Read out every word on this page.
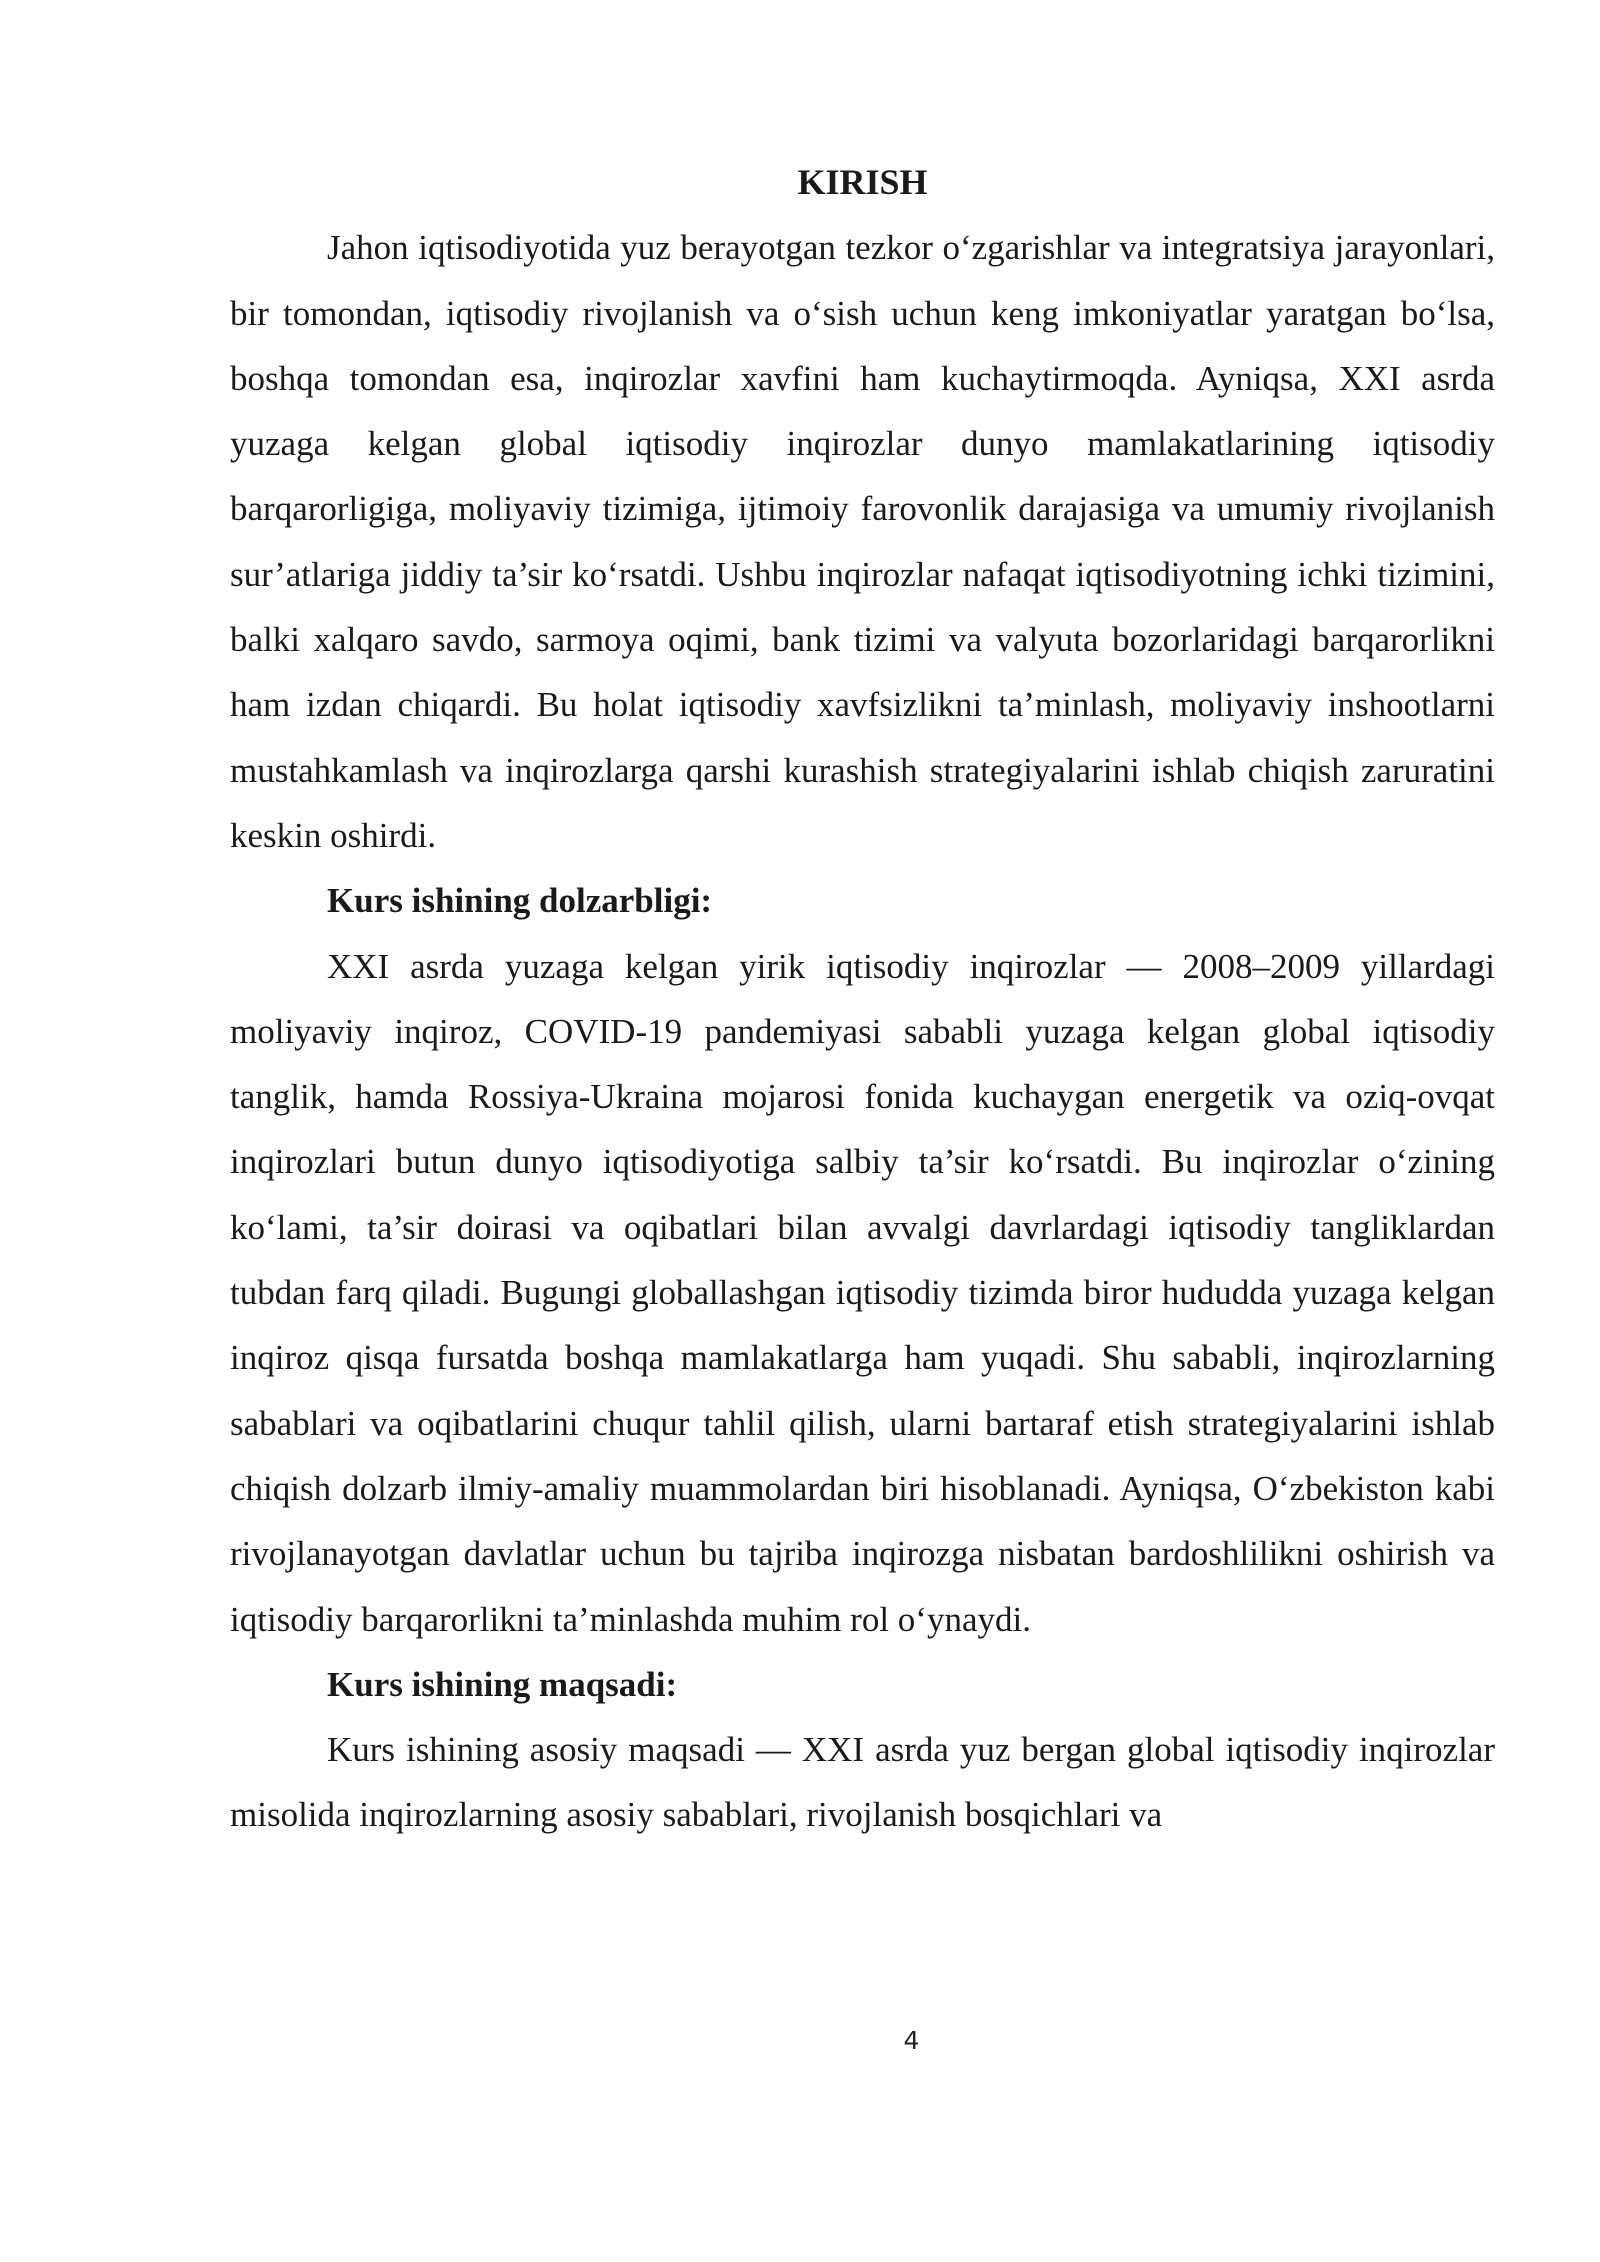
KIRISH

Jahon iqtisodiyotida yuz berayotgan tezkor o‘zgarishlar va integratsiya jarayonlari, bir tomondan, iqtisodiy rivojlanish va o‘sish uchun keng imkoniyatlar yaratgan bo‘lsa, boshqa tomondan esa, inqirozlar xavfini ham kuchaytirmoqda. Ayniqsa, XXI asrda yuzaga kelgan global iqtisodiy inqirozlar dunyo mamlakatlarining iqtisodiy barqarorligiga, moliyaviy tizimiga, ijtimoiy farovonlik darajasiga va umumiy rivojlanish sur’atlariga jiddiy ta’sir ko‘rsatdi. Ushbu inqirozlar nafaqat iqtisodiyotning ichki tizimini, balki xalqaro savdo, sarmoya oqimi, bank tizimi va valyuta bozorlaridagi barqarorlikni ham izdan chiqardi. Bu holat iqtisodiy xavfsizlikni ta’minlash, moliyaviy inshootlarni mustahkamlash va inqirozlarga qarshi kurashish strategiyalarini ishlab chiqish zaruratini keskin oshirdi.

Kurs ishining dolzarbligi:

XXI asrda yuzaga kelgan yirik iqtisodiy inqirozlar — 2008–2009 yillardagi moliyaviy inqiroz, COVID-19 pandemiyasi sababli yuzaga kelgan global iqtisodiy tanglik, hamda Rossiya-Ukraina mojarosi fonida kuchaygan energetik va oziq-ovqat inqirozlari butun dunyo iqtisodiyotiga salbiy ta’sir ko‘rsatdi. Bu inqirozlar o‘zining ko‘lami, ta’sir doirasi va oqibatlari bilan avvalgi davrlardagi iqtisodiy tangliklardan tubdan farq qiladi. Bugungi globallashgan iqtisodiy tizimda biror hududda yuzaga kelgan inqiroz qisqa fursatda boshqa mamlakatlarga ham yuqadi. Shu sababli, inqirozlarning sabablari va oqibatlarini chuqur tahlil qilish, ularni bartaraf etish strategiyalarini ishlab chiqish dolzarb ilmiy-amaliy muammolardan biri hisoblanadi. Ayniqsa, O‘zbekiston kabi rivojlanayotgan davlatlar uchun bu tajriba inqirozga nisbatan bardoshlilikni oshirish va iqtisodiy barqarorlikni ta’minlashda muhim rol o‘ynaydi.

Kurs ishining maqsadi:

Kurs ishining asosiy maqsadi — XXI asrda yuz bergan global iqtisodiy inqirozlar misolida inqirozlarning asosiy sabablari, rivojlanish bosqichlari va

4
